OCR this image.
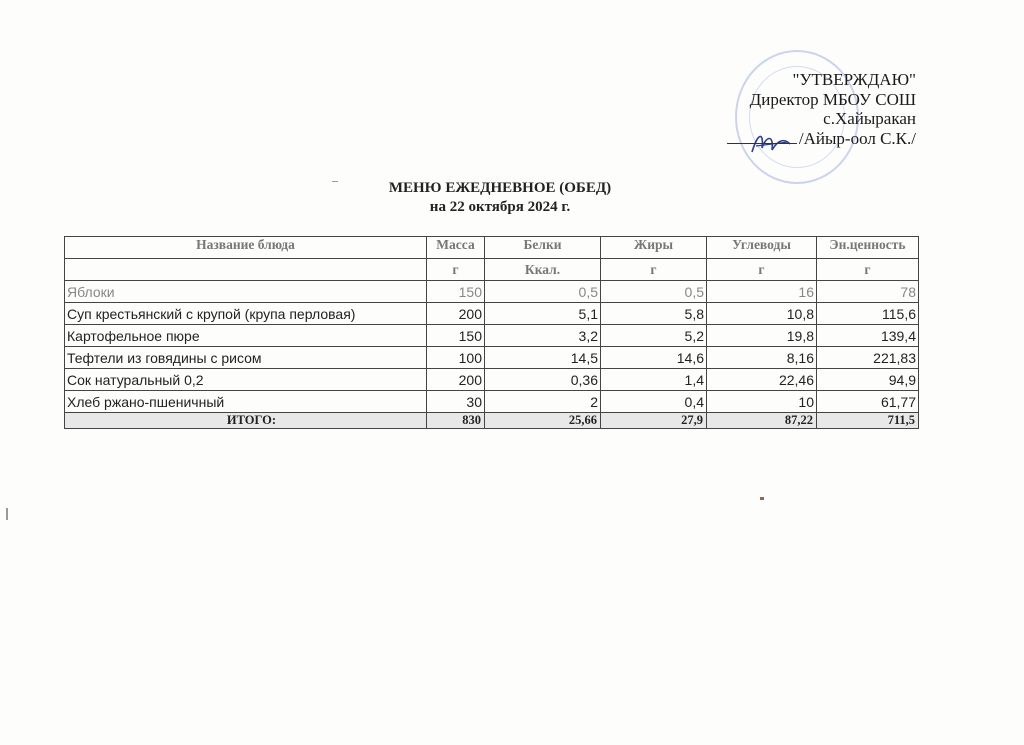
"УТВЕРЖДАЮ"
Директор МБОУ СОШ
с.Хайыракан
/Айыр-оол С.К./
МЕНЮ ЕЖЕДНЕВНОЕ (ОБЕД)
на 22 октября 2024 г.
Название блюда	Масса	Белки	Жиры	Углеводы	Эн.ценность
	г	Ккал.	г	г	г
Яблоки	150	0,5	0,5	16	78
Суп крестьянский с крупой (крупа перловая)	200	5,1	5,8	10,8	115,6
Картофельное пюре	150	3,2	5,2	19,8	139,4
Тефтели из говядины с рисом	100	14,5	14,6	8,16	221,83
Сок натуральный 0,2	200	0,36	1,4	22,46	94,9
Хлеб ржано-пшеничный	30	2	0,4	10	61,77
ИТОГО:	830	25,66	27,9	87,22	711,5
